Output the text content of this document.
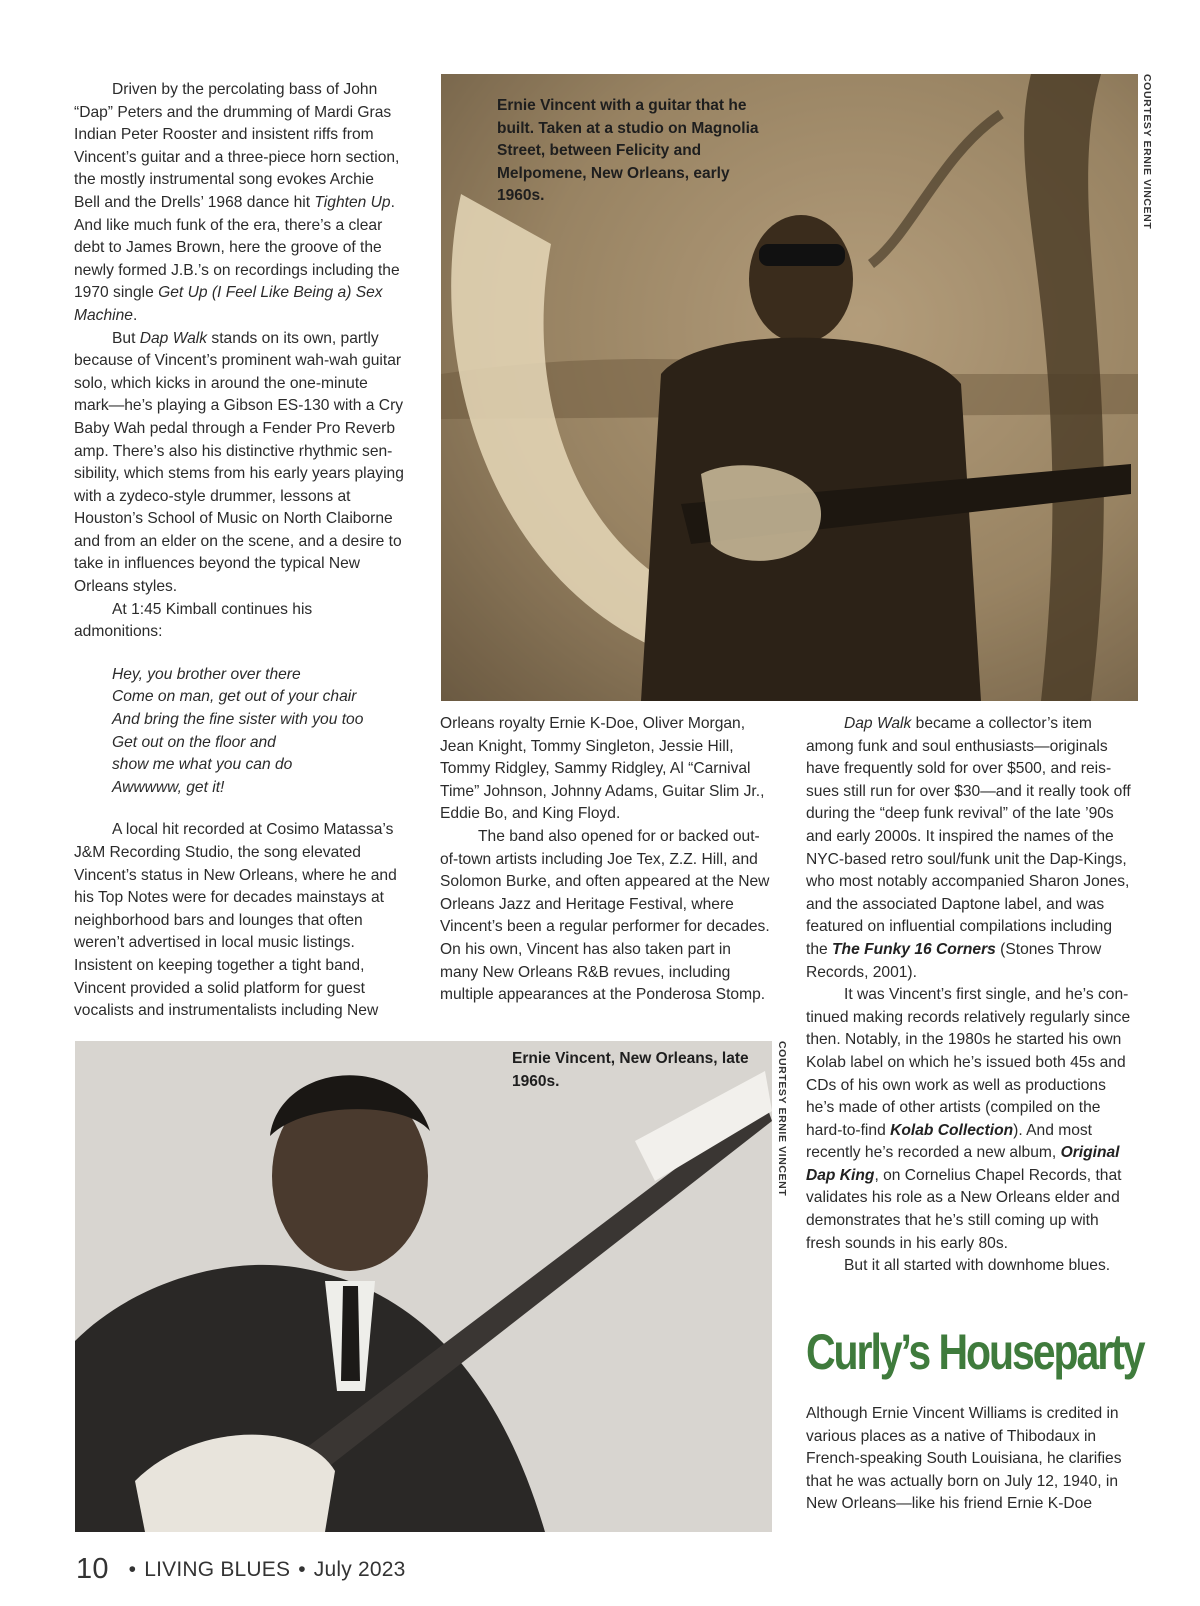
Driven by the percolating bass of John “Dap” Peters and the drumming of Mardi Gras Indian Peter Rooster and insistent riffs from Vincent’s guitar and a three-piece horn section, the mostly instrumental song evokes Archie Bell and the Drells’ 1968 dance hit Tighten Up. And like much funk of the era, there’s a clear debt to James Brown, here the groove of the newly formed J.B.’s on recordings including the 1970 single Get Up (I Feel Like Being a) Sex Machine.

But Dap Walk stands on its own, partly because of Vincent’s prominent wah-wah guitar solo, which kicks in around the one-minute mark—he’s playing a Gibson ES-130 with a Cry Baby Wah pedal through a Fender Pro Reverb amp. There’s also his distinctive rhythmic sensibility, which stems from his early years playing with a zydeco-style drummer, lessons at Houston’s School of Music on North Claiborne and from an elder on the scene, and a desire to take in influences beyond the typical New Orleans styles.

At 1:45 Kimball continues his admonitions:

Hey, you brother over there
Come on man, get out of your chair
And bring the fine sister with you too
Get out on the floor and
show me what you can do
Awwwww, get it!

A local hit recorded at Cosimo Matassa’s J&M Recording Studio, the song elevated Vincent’s status in New Orleans, where he and his Top Notes were for decades mainstays at neighborhood bars and lounges that often weren’t advertised in local music listings. Insistent on keeping together a tight band, Vincent provided a solid platform for guest vocalists and instrumentalists including New

Ernie Vincent with a guitar that he built. Taken at a studio on Magnolia Street, between Felicity and Melpomene, New Orleans, early 1960s.	COURTESY ERNIE VINCENT

Orleans royalty Ernie K-Doe, Oliver Morgan, Jean Knight, Tommy Singleton, Jessie Hill, Tommy Ridgley, Sammy Ridgley, Al “Carnival Time” Johnson, Johnny Adams, Guitar Slim Jr., Eddie Bo, and King Floyd.

The band also opened for or backed out-of-town artists including Joe Tex, Z.Z. Hill, and Solomon Burke, and often appeared at the New Orleans Jazz and Heritage Festival, where Vincent’s been a regular performer for decades. On his own, Vincent has also taken part in many New Orleans R&B revues, including multiple appearances at the Ponderosa Stomp.

Dap Walk became a collector’s item among funk and soul enthusiasts—originals have frequently sold for over $500, and reissues still run for over $30—and it really took off during the “deep funk revival” of the late ’90s and early 2000s. It inspired the names of the NYC-based retro soul/funk unit the Dap-Kings, who most notably accompanied Sharon Jones, and the associated Daptone label, and was featured on influential compilations including the The Funky 16 Corners (Stones Throw Records, 2001).

It was Vincent’s first single, and he’s continued making records relatively regularly since then. Notably, in the 1980s he started his own Kolab label on which he’s issued both 45s and CDs of his own work as well as productions he’s made of other artists (compiled on the hard-to-find Kolab Collection). And most recently he’s recorded a new album, Original Dap King, on Cornelius Chapel Records, that validates his role as a New Orleans elder and demonstrates that he’s still coming up with fresh sounds in his early 80s.

But it all started with downhome blues.

Curly’s Houseparty

Although Ernie Vincent Williams is credited in various places as a native of Thibodaux in French-speaking South Louisiana, he clarifies that he was actually born on July 12, 1940, in New Orleans—like his friend Ernie K-Doe

Ernie Vincent, New Orleans, late 1960s.	COURTESY ERNIE VINCENT
10 • LIVING BLUES • July 2023
